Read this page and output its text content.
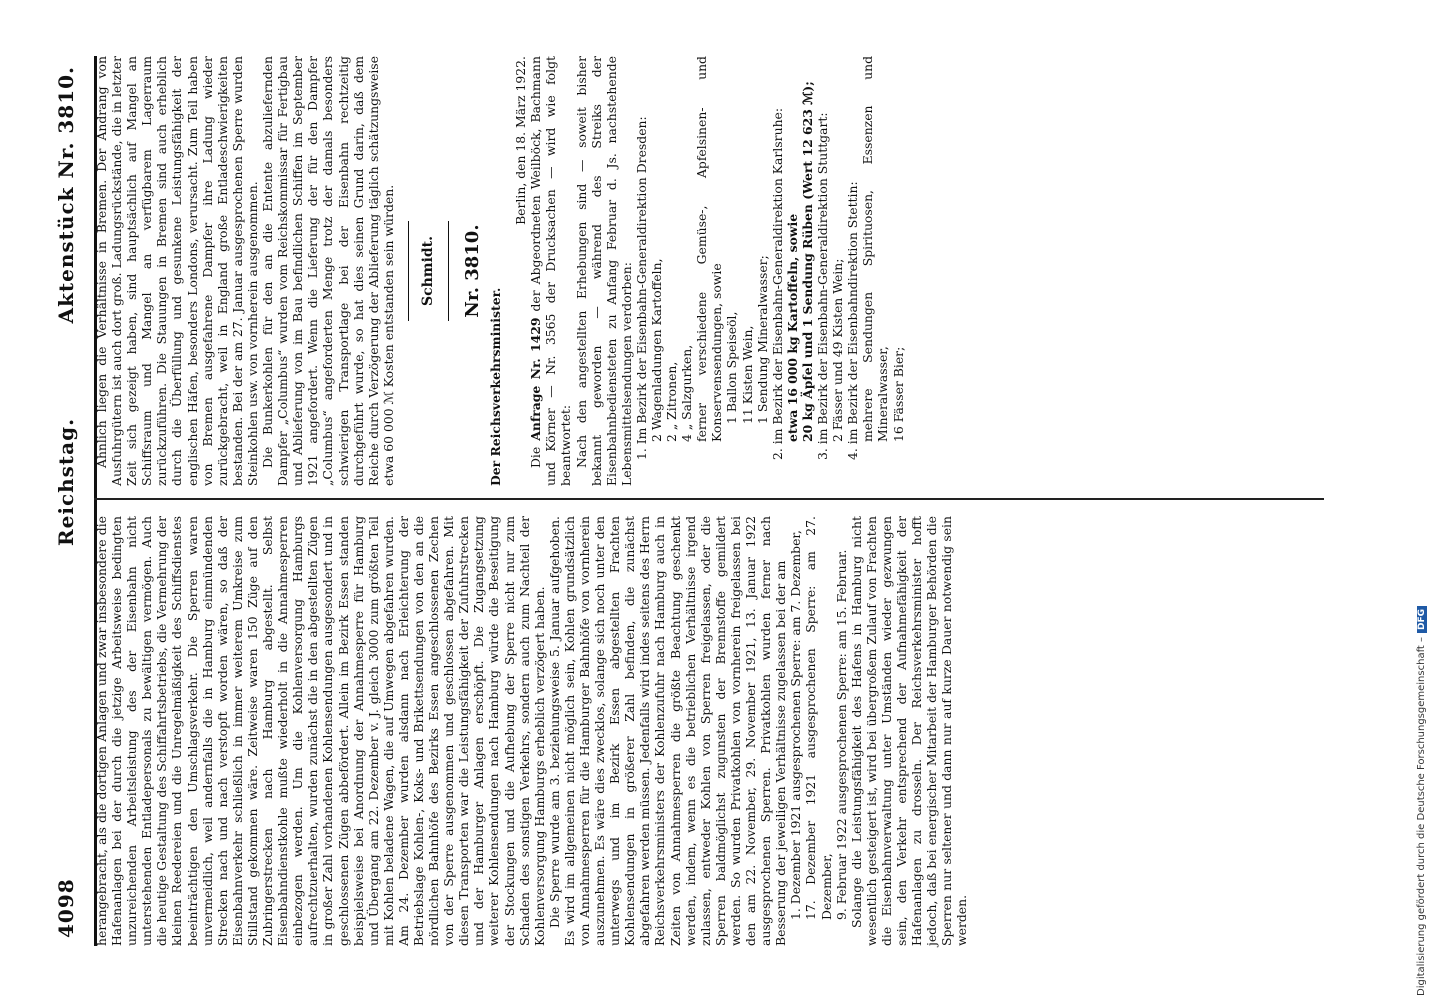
4098
Reichstag.
Aktenstück Nr. 3810.

herangebracht, als die dortigen Anlagen und zwar insbesondere die Hafenanlagen bei der durch die jetzige Arbeitsweise bedingten unzureichenden Arbeitsleistung des der Eisenbahn nicht unterstehenden Entladepersonals zu bewältigen vermögen. Auch die heutige Gestaltung des Schiffahrtsbetriebs, die Vermehrung der kleinen Reedereien und die Unregelmäßigkeit des Schiffsdienstes beeinträchtigen den Umschlagsverkehr. Die Sperren waren unvermeidlich, weil andernfalls die in Hamburg einmündenden Strecken nach und nach verstopft worden wären, so daß der Eisenbahnverkehr schließlich in immer weiterem Umkreise zum Stillstand gekommen wäre. Zeitweise waren 150 Züge auf den Zubringerstrecken nach Hamburg abgestellt. Selbst Eisenbahndienstkohle mußte wiederholt in die Annahmesperren einbezogen werden. Um die Kohlenversorgung Hamburgs aufrechtzuerhalten, wurden zunächst die in den abgestellten Zügen in großer Zahl vorhandenen Kohlensendungen ausgesondert und in geschlossenen Zügen abbefördert. Allein im Bezirk Essen standen beispielsweise bei Anordnung der Annahmesperre für Hamburg und Übergang am 22. Dezember v. J. gleich 3000 zum größten Teil mit Kohlen beladene Wagen, die auf Umwegen abgefahren wurden. Am 24. Dezember wurden alsdann nach Erleichterung der Betriebslage Kohlen-, Koks- und Brikettsendungen von den an die nördlichen Bahnhöfe des Bezirks Essen angeschlossenen Zechen von der Sperre ausgenommen und geschlossen abgefahren. Mit diesen Transporten war die Leistungsfähigkeit der Zufuhrstrecken und der Hamburger Anlagen erschöpft. Die Zugangsetzung weiterer Kohlensendungen nach Hamburg würde die Beseitigung der Stockungen und die Aufhebung der Sperre nicht nur zum Schaden des sonstigen Verkehrs, sondern auch zum Nachteil der Kohlenversorgung Hamburgs erheblich verzögert haben. Die Sperre wurde am 3. beziehungsweise 5. Januar aufgehoben. Es wird im allgemeinen nicht möglich sein, Kohlen grundsätzlich von Annahmesperren für die Hamburger Bahnhöfe von vornherein auszunehmen. Es wäre dies zwecklos, solange sich noch unter den unterwegs und im Bezirk Essen abgestellten Frachten Kohlensendungen in größerer Zahl befinden, die zunächst abgefahren werden müssen. Jedenfalls wird indes seitens des Herrn Reichsverkehrsministers der Kohlenzufuhr nach Hamburg auch in Zeiten von Annahmesperren die größte Beachtung geschenkt werden, indem, wenn es die betrieblichen Verhältnisse irgend zulassen, entweder Kohlen von Sperren freigelassen, oder die Sperren baldmöglichst zugunsten der Brennstoffe gemildert werden. So wurden Privatkohlen von vornherein freigelassen bei den am 22. November, 29. November 1921, 13. Januar 1922 ausgesprochenen Sperren. Privatkohlen wurden ferner nach Besserung der jeweiligen Verhältnisse zugelassen bei der am 1. Dezember 1921 ausgesprochenen Sperre: am 7. Dezember, 17. Dezember 1921 ausgesprochenen Sperre: am 27. Dezember, 9. Februar 1922 ausgesprochenen Sperre: am 15. Februar. Solange die Leistungsfähigkeit des Hafens in Hamburg nicht wesentlich gesteigert ist, wird bei übergroßem Zulauf von Frachten die Eisenbahnverwaltung unter Umständen wieder gezwungen sein, den Verkehr entsprechend der Aufnahmefähigkeit der Hafenanlagen zu drosseln. Der Reichsverkehrsminister hofft jedoch, daß bei energischer Mitarbeit der Hamburger Behörden die Sperren nur seltener und dann nur auf kurze Dauer notwendig sein werden.

Ähnlich liegen die Verhältnisse in Bremen. Der Andrang von Ausfuhrgütern ist auch dort groß. Ladungsrückstände, die in letzter Zeit sich gezeigt haben, sind hauptsächlich auf Mangel an Schiffsraum und Mangel an verfügbarem Lagerraum zurückzuführen. Die Stauungen in Bremen sind auch erheblich durch die Überfüllung und gesunkene Leistungsfähigkeit der englischen Häfen, besonders Londons, verursacht. Zum Teil haben von Bremen ausgefahrene Dampfer ihre Ladung wieder zurückgebracht, weil in England große Entladeschwierigkeiten bestanden. Bei der am 27. Januar ausgesprochenen Sperre wurden Steinkohlen usw. von vornherein ausgenommen. Die Bunkerkohlen für den an die Entente abzuliefernden Dampfer „Columbus“ wurden vom Reichskommissar für Fertigbau und Ablieferung von im Bau befindlichen Schiffen im September 1921 angefordert. Wenn die Lieferung der für den Dampfer „Columbus“ angeforderten Menge trotz der damals besonders schwierigen Transportlage bei der Eisenbahn rechtzeitig durchgeführt wurde, so hat dies seinen Grund darin, daß dem Reiche durch Verzögerung der Ablieferung täglich schätzungsweise etwa 60 000 ℳ Kosten entstanden sein würden. Schmidt. Nr. 3810.

Der Reichsverkehrsminister.

Berlin, den 18. März 1922.

Die Anfrage Nr. 1429 der Abgeordneten Weilböck, Bachmann und Körner — Nr. 3565 der Drucksachen — wird wie folgt beantwortet: Nach den angestellten Erhebungen sind — soweit bisher bekannt geworden — während des Streiks der Eisenbahnbediensteten zu Anfang Februar d. Js. nachstehende Lebensmittelsendungen verdorben: 1. Im Bezirk der Eisenbahn-Generaldirektion Dresden: 2 Wagenladungen Kartoffeln, 2 „ Zitronen, 4 „ Salzgurken, ferner verschiedene Gemüse-, Apfelsinen- und Konservensendungen, sowie 1 Ballon Speiseöl, 11 Kisten Wein, 1 Sendung Mineralwasser; 2. im Bezirk der Eisenbahn-Generaldirektion Karlsruhe: etwa 16 000 kg Kartoffeln, sowie 20 kg Äpfel und 1 Sendung Rüben (Wert 12 623 ℳ); 3. im Bezirk der Eisenbahn-Generaldirektion Stuttgart: 2 Fässer und 49 Kisten Wein; 4. im Bezirk der Eisenbahndirektion Stettin: mehrere Sendungen Spirituosen, Essenzen und Mineralwasser, 16 Fässer Bier;

Digitalisierung gefördert durch die Deutsche Forschungsgemeinschaft –DFG
